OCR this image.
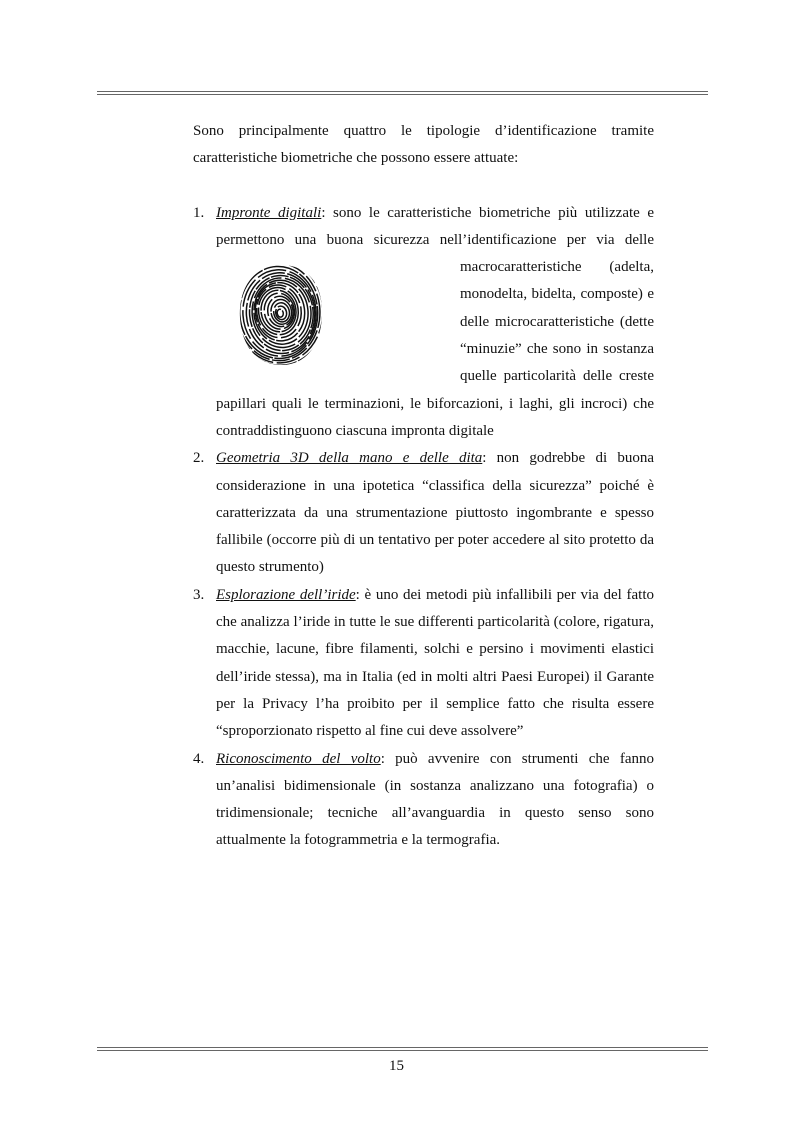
Sono principalmente quattro le tipologie d’identificazione tramite caratteristiche biometriche che possono essere attuate:

1. Impronte digitali: sono le caratteristiche biometriche più utilizzate e permettono una buona sicurezza nell’identificazione per via delle
macrocaratteristiche (adelta, monodelta, bidelta, composte) e delle microcaratteristiche (dette “minuzie” che sono in sostanza quelle particolarità delle creste papillari quali le terminazioni, le biforcazioni, i laghi, gli incroci) che contraddistinguono ciascuna impronta digitale
2. Geometria 3D della mano e delle dita: non godrebbe di buona considerazione in una ipotetica “classifica della sicurezza” poiché è caratterizzata da una strumentazione piuttosto ingombrante e spesso fallibile (occorre più di un tentativo per poter accedere al sito protetto da questo strumento)
3. Esplorazione dell’iride: è uno dei metodi più infallibili per via del fatto che analizza l’iride in tutte le sue differenti particolarità (colore, rigatura, macchie, lacune, fibre filamenti, solchi e persino i movimenti elastici dell’iride stessa), ma in Italia (ed in molti altri Paesi Europei) il Garante per la Privacy l’ha proibito per il semplice fatto che risulta essere “sproporzionato rispetto al fine cui deve assolvere”
4. Riconoscimento del volto: può avvenire con strumenti che fanno un’analisi bidimensionale (in sostanza analizzano una fotografia) o tridimensionale; tecniche all’avanguardia in questo senso sono attualmente la fotogrammetria e la termografia.
15
